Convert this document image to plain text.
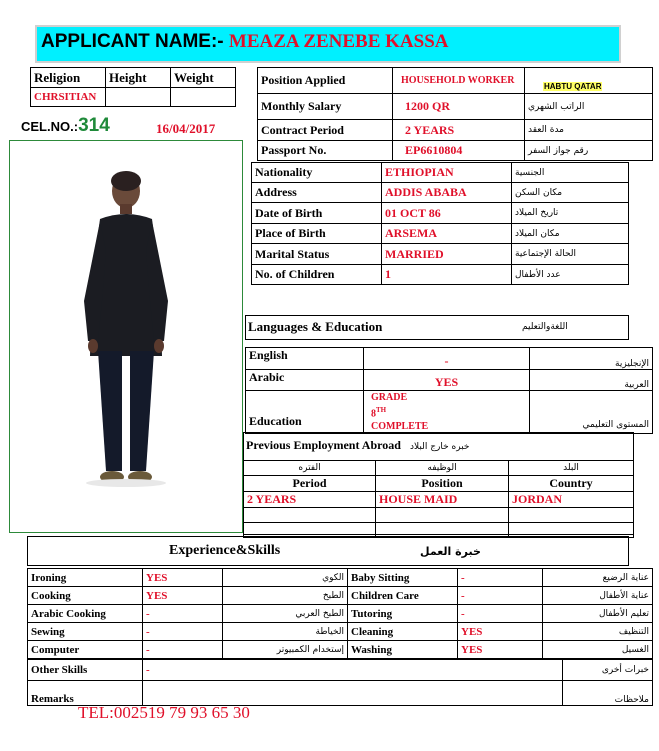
APPLICANT NAME:- MEAZA ZENEBE KASSA
Religion	Height	Weight
CHRSITIAN		
CEL.NO.:314	16/04/2017
Position Applied	HOUSEHOLD WORKER	HABTU QATAR

Monthly Salary	1200 QR	الراتب الشهري
Contract Period	2 YEARS	مدة العقد
Passport No.	EP6610804	رقم جواز السفر
Nationality	ETHIOPIAN	الجنسية
Address	ADDIS ABABA	مكان السكن
Date of Birth	01 OCT 86	تاريخ الميلاد
Place of Birth	ARSEMA	مكان الميلاد
Marital Status	MARRIED	الحالة الإجتماعية
No. of Children	1	عدد الأطفال
Languages & Education	اللغةوالتعليم
English	-	الإنجليزية
Arabic	YES	العربية
Education	GRADE
8TH
COMPLETE	المستوى التعليمي
Previous Employment Abroad خبره خارج البلاد
الفتره	الوظيفه	البلد
Period	Position	Country
2 YEARS	HOUSE MAID	JORDAN

Experience&Skills	خبرة العمل
Ironing	YES	الكوي	Baby Sitting	-	عناية الرضيع
Cooking	YES	الطبخ	Children Care	-	عناية الأطفال
Arabic Cooking	-	الطبخ العربي	Tutoring	-	تعليم الأطفال
Sewing	-	الخياطة	Cleaning	YES	التنظيف
Computer	-	إستخدام الكمبيوتر	Washing	YES	الغسيل
Other Skills	-	خبرات أخرى
Remarks		ملاحظات
TEL:002519 79 93 65 30
